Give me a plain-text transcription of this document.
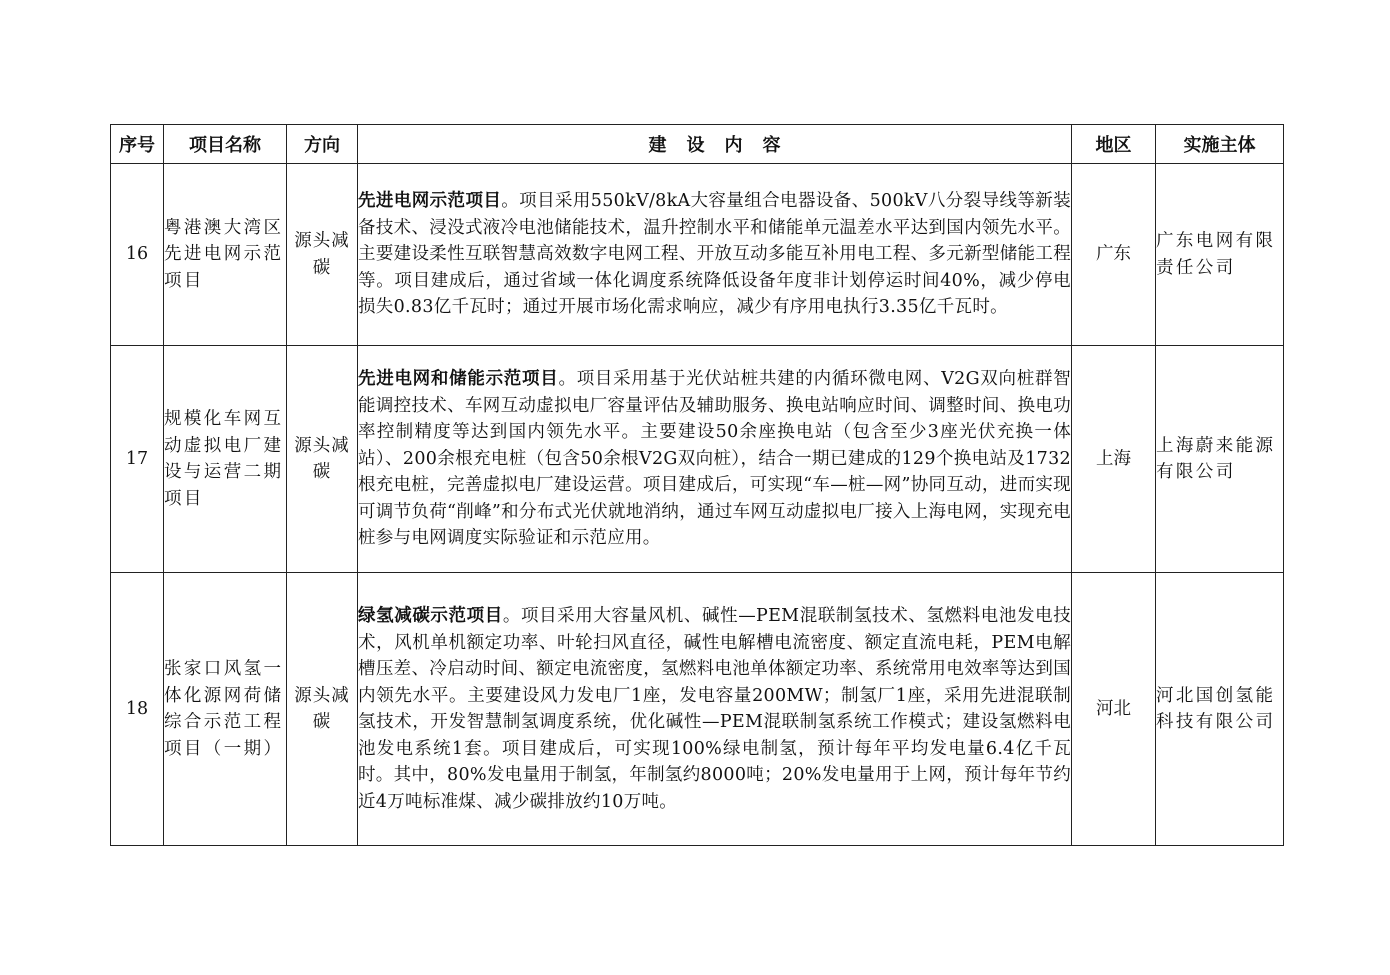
序号	项目名称	方向	建设内容	地区	实施主体
16	粤港澳大湾区先进电网示范项目	源头减碳	先进电网示范项目。项目采用550kV/8kA大容量组合电器设备、500kV八分裂导线等新装备技术、浸没式液冷电池储能技术，温升控制水平和储能单元温差水平达到国内领先水平。主要建设柔性互联智慧高效数字电网工程、开放互动多能互补用电工程、多元新型储能工程等。项目建成后，通过省域一体化调度系统降低设备年度非计划停运时间40%，减少停电损失0.83亿千瓦时；通过开展市场化需求响应，减少有序用电执行3.35亿千瓦时。	广东	广东电网有限责任公司
17	规模化车网互动虚拟电厂建设与运营二期项目	源头减碳	先进电网和储能示范项目。项目采用基于光伏站桩共建的内循环微电网、V2G双向桩群智能调控技术、车网互动虚拟电厂容量评估及辅助服务、换电站响应时间、调整时间、换电功率控制精度等达到国内领先水平。主要建设50余座换电站（包含至少3座光伏充换一体站）、200余根充电桩（包含50余根V2G双向桩），结合一期已建成的129个换电站及1732根充电桩，完善虚拟电厂建设运营。项目建成后，可实现“车—桩—网”协同互动，进而实现可调节负荷“削峰”和分布式光伏就地消纳，通过车网互动虚拟电厂接入上海电网，实现充电桩参与电网调度实际验证和示范应用。	上海	上海蔚来能源有限公司
18	张家口风氢一体化源网荷储综合示范工程项目（一期）	源头减碳	绿氢减碳示范项目。项目采用大容量风机、碱性—PEM混联制氢技术、氢燃料电池发电技术，风机单机额定功率、叶轮扫风直径，碱性电解槽电流密度、额定直流电耗，PEM电解槽压差、冷启动时间、额定电流密度，氢燃料电池单体额定功率、系统常用电效率等达到国内领先水平。主要建设风力发电厂1座，发电容量200MW；制氢厂1座，采用先进混联制氢技术，开发智慧制氢调度系统，优化碱性—PEM混联制氢系统工作模式；建设氢燃料电池发电系统1套。项目建成后，可实现100%绿电制氢，预计每年平均发电量6.4亿千瓦时。其中，80%发电量用于制氢，年制氢约8000吨；20%发电量用于上网，预计每年节约近4万吨标准煤、减少碳排放约10万吨。	河北	河北国创氢能科技有限公司
